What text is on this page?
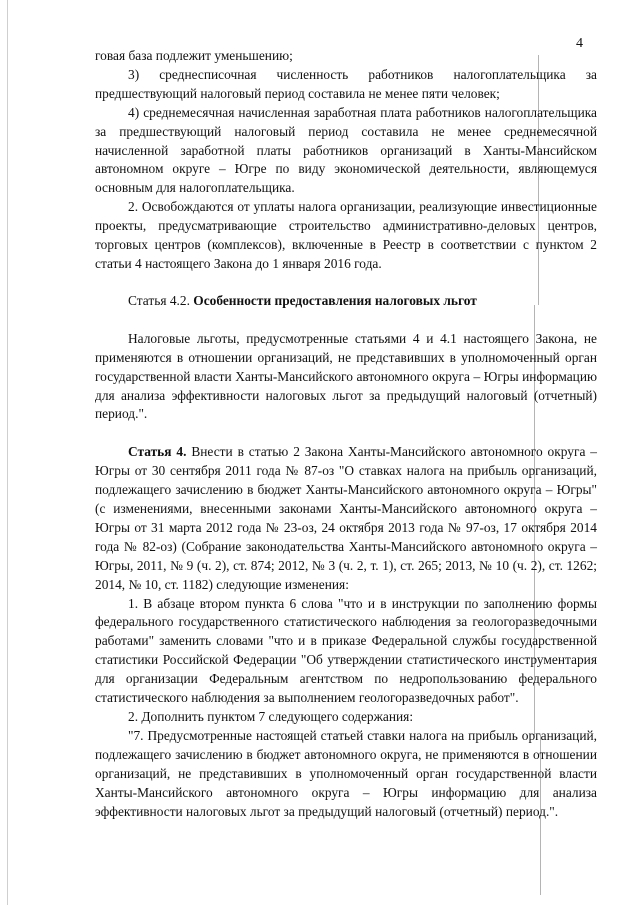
4

говая база подлежит уменьшению;

3) среднесписочная численность работников налогоплательщика за предшествующий налоговый период составила не менее пяти человек;

4) среднемесячная начисленная заработная плата работников налогоплательщика за предшествующий налоговый период составила не менее среднемесячной начисленной заработной платы работников организаций в Ханты-Мансийском автономном округе – Югре по виду экономической деятельности, являющемуся основным для налогоплательщика.

2. Освобождаются от уплаты налога организации, реализующие инвестиционные проекты, предусматривающие строительство административно-деловых центров, торговых центров (комплексов), включенные в Реестр в соответствии с пунктом 2 статьи 4 настоящего Закона до 1 января 2016 года.

Статья 4.2. Особенности предоставления налоговых льгот

Налоговые льготы, предусмотренные статьями 4 и 4.1 настоящего Закона, не применяются в отношении организаций, не представивших в уполномоченный орган государственной власти Ханты-Мансийского автономного округа – Югры информацию для анализа эффективности налоговых льгот за предыдущий налоговый (отчетный) период.".

Статья 4. Внести в статью 2 Закона Ханты-Мансийского автономного округа – Югры от 30 сентября 2011 года № 87-оз "О ставках налога на прибыль организаций, подлежащего зачислению в бюджет Ханты-Мансийского автономного округа – Югры" (с изменениями, внесенными законами Ханты-Мансийского автономного округа – Югры от 31 марта 2012 года № 23-оз, 24 октября 2013 года № 97-оз, 17 октября 2014 года № 82-оз) (Собрание законодательства Ханты-Мансийского автономного округа – Югры, 2011, № 9 (ч. 2), ст. 874; 2012, № 3 (ч. 2, т. 1), ст. 265; 2013, № 10 (ч. 2), ст. 1262; 2014, № 10, ст. 1182) следующие изменения:

1. В абзаце втором пункта 6 слова "что и в инструкции по заполнению формы федерального государственного статистического наблюдения за геологоразведочными работами" заменить словами "что и в приказе Федеральной службы государственной статистики Российской Федерации "Об утверждении статистического инструментария для организации Федеральным агентством по недропользованию федерального статистического наблюдения за выполнением геологоразведочных работ".

2. Дополнить пунктом 7 следующего содержания:

"7. Предусмотренные настоящей статьей ставки налога на прибыль организаций, подлежащего зачислению в бюджет автономного округа, не применяются в отношении организаций, не представивших в уполномоченный орган государственной власти Ханты-Мансийского автономного округа – Югры информацию для анализа эффективности налоговых льгот за предыдущий налоговый (отчетный) период.".
